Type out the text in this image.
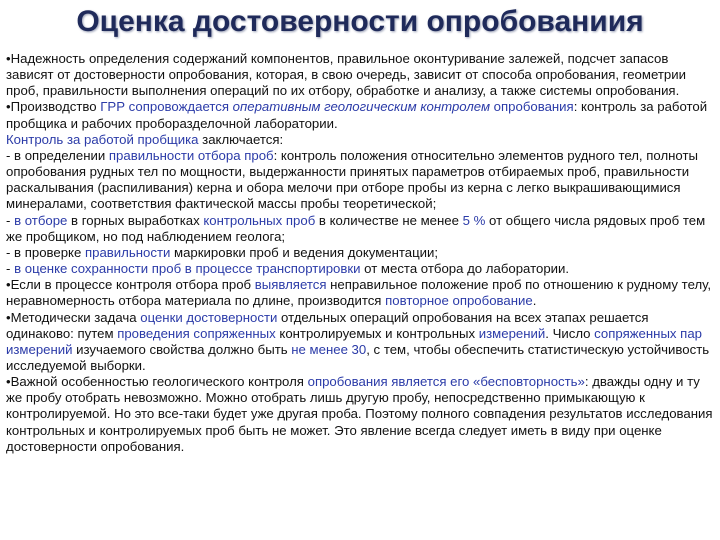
Оценка достоверности опробованиия
•Надежность определения содержаний компонентов, правильное оконтуривание залежей, подсчет запасов зависят от достоверности опробования, которая, в свою очередь, зависит от способа опробования, геометрии проб, правильности выполнения операций по их отбору, обработке и анализу, а также системы опробования.
•Производство ГРР сопровождается оперативным геологическим контролем опробования: контроль за работой пробщика и рабочих проборазделочной лаборатории.
Контроль за работой пробщика заключается:
- в определении правильности отбора проб: контроль положения относительно элементов рудного тел, полноты опробования рудных тел по мощности, выдержанности принятых параметров отбираемых проб, правильности раскалывания (распиливания) керна и обора мелочи при отборе пробы из керна с легко выкрашивающимися минералами, соответствия фактической массы пробы теоретической;
- в отборе в горных выработках контрольных проб в количестве не менее 5 % от общего числа рядовых проб тем же пробщиком, но под наблюдением геолога;
- в проверке правильности маркировки проб и ведения документации;
- в оценке сохранности проб в процессе транспортировки от места отбора до лаборатории.
•Если в процессе контроля отбора проб выявляется неправильное положение проб по отношению к рудному телу, неравномерность отбора материала по длине, производится повторное опробование.
•Методически задача оценки достоверности отдельных операций опробования на всех этапах решается одинаково: путем проведения сопряженных контролируемых и контрольных измерений. Число сопряженных пар измерений изучаемого свойства должно быть не менее 30, с тем, чтобы обеспечить статистическую устойчивость исследуемой выборки.
•Важной особенностью геологического контроля опробования является его «бесповторность»: дважды одну и ту же пробу отобрать невозможно. Можно отобрать лишь другую пробу, непосредственно примыкающую к контролируемой. Но это все-таки будет уже другая проба. Поэтому полного совпадения результатов исследования контрольных и контролируемых проб быть не может. Это явление всегда следует иметь в виду при оценке достоверности опробования.
